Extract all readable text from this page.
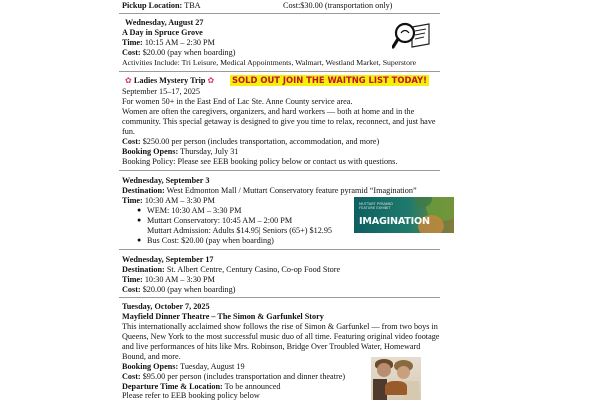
Pickup Location: TBA	Cost:$30.00 (transportation only)
Wednesday, August 27
A Day in Spruce Grove
Time: 10:15 AM – 2:30 PM
Cost: $20.00 (pay when boarding)
Activities Include: Tri Leisure, Medical Appointments, Walmart, Westland Market, Superstore
✿ Ladies Mystery Trip ✿ SOLD OUT JOIN THE WAITNG LIST TODAY!
September 15–17, 2025
For women 50+ in the East End of Lac Ste. Anne County service area.
Women are often the caregivers, organizers, and hard workers — both at home and in the
community. This special getaway is designed to give you time to relax, reconnect, and just have
fun.
Cost: $250.00 per person (includes transportation, accommodation, and more)
Booking Opens: Thursday, July 31
Booking Policy: Please see EEB booking policy below or contact us with questions.
Wednesday, September 3
Destination: West Edmonton Mall / Muttart Conservatory feature pyramid “Imagination”
Time: 10:30 AM – 3:30 PM
● WEM: 10:30 AM – 3:30 PM
● Muttart Conservatory: 10:45 AM – 2:00 PM
Muttart Admission: Adults $14.95| Seniors (65+) $12.95
● Bus Cost: $20.00 (pay when boarding)
MUTTART PYRAMID FEATURE EXHIBIT
IMAGINATION
Wednesday, September 17
Destination: St. Albert Centre, Century Casino, Co-op Food Store
Time: 10:30 AM – 3:30 PM
Cost: $20.00 (pay when boarding)
Tuesday, October 7, 2025
Mayfield Dinner Theatre – The Simon & Garfunkel Story
This internationally acclaimed show follows the rise of Simon & Garfunkel — from two boys in
Queens, New York to the most successful music duo of all time. Featuring original video footage
and live performances of hits like Mrs. Robinson, Bridge Over Troubled Water, Homeward
Bound, and more.
Booking Opens: Tuesday, August 19
Cost: $95.00 per person (includes transportation and dinner theatre)
Departure Time & Location: To be announced
Please refer to EEB booking policy below
